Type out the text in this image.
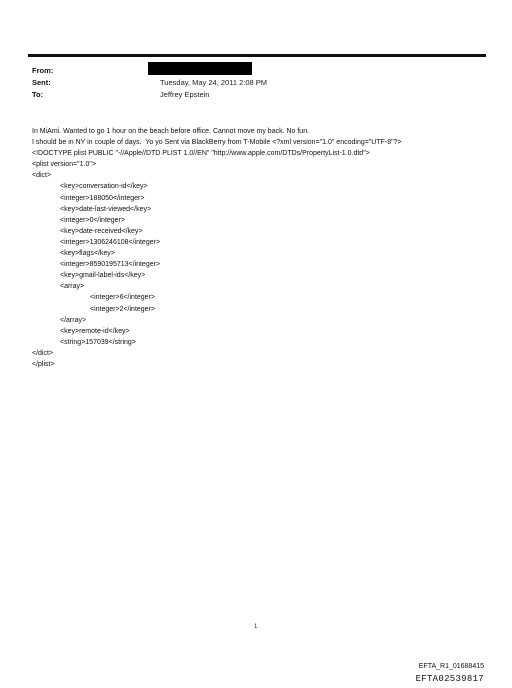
From:
Sent:	Tuesday, May 24, 2011 2:08 PM
To:	Jeffrey Epstein
In MiAmi. Wanted to go 1 hour on the beach before office. Cannot move my back. No fun.
I should be in NY in couple of days.  Yo yo Sent via BlackBerry from T-Mobile <?xml version="1.0" encoding="UTF-8"?>
<!DOCTYPE plist PUBLIC "-//Apple//DTD PLIST 1.0//EN" "http://www.apple.com/DTDs/PropertyList-1.0.dtd">
<plist version="1.0">
<dict>
<key>conversation-id</key>
<integer>188050</integer>
<key>date-last-viewed</key>
<integer>0</integer>
<key>date-received</key>
<integer>1306246108</integer>
<key>flags</key>
<integer>8590195713</integer>
<key>gmail-label-ids</key>
<array>
<integer>6</integer>
<integer>2</integer>
</array>
<key>remote-id</key>
<string>157039</string>
</dict>
</plist>
1
EFTA_R1_01688415
EFTA02539817
